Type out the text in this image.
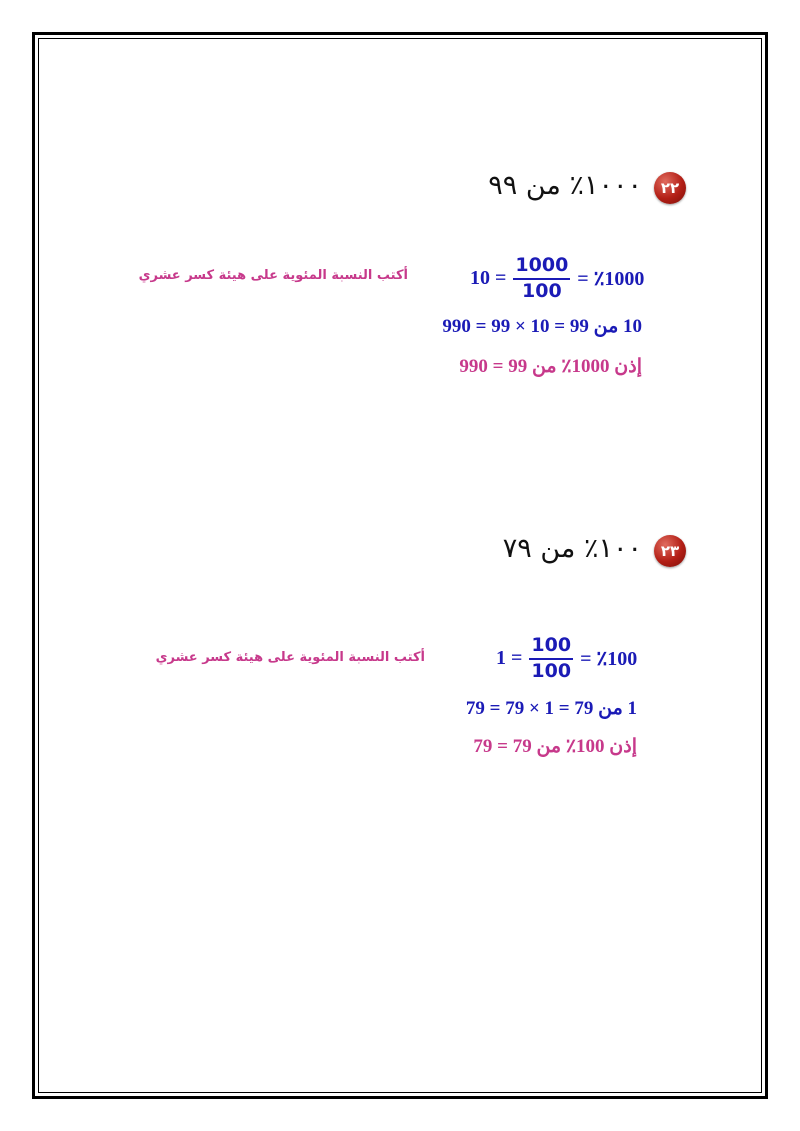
٢٢
١٠٠٠٪ من ٩٩
$10 = \frac{1000}{100}$ = ٪1000
أكتب النسبة المئوية على هيئة كسر عشري
10 من 99 = 10 × 99 = 990
إذن 1000٪ من 99 = 990
٢٣
١٠٠٪ من ٧٩
$1 = \frac{100}{100}$ = ٪100
أكتب النسبة المئوية على هيئة كسر عشري
1 من 79 = 1 × 79 = 79
إذن 100٪ من 79 = 79
